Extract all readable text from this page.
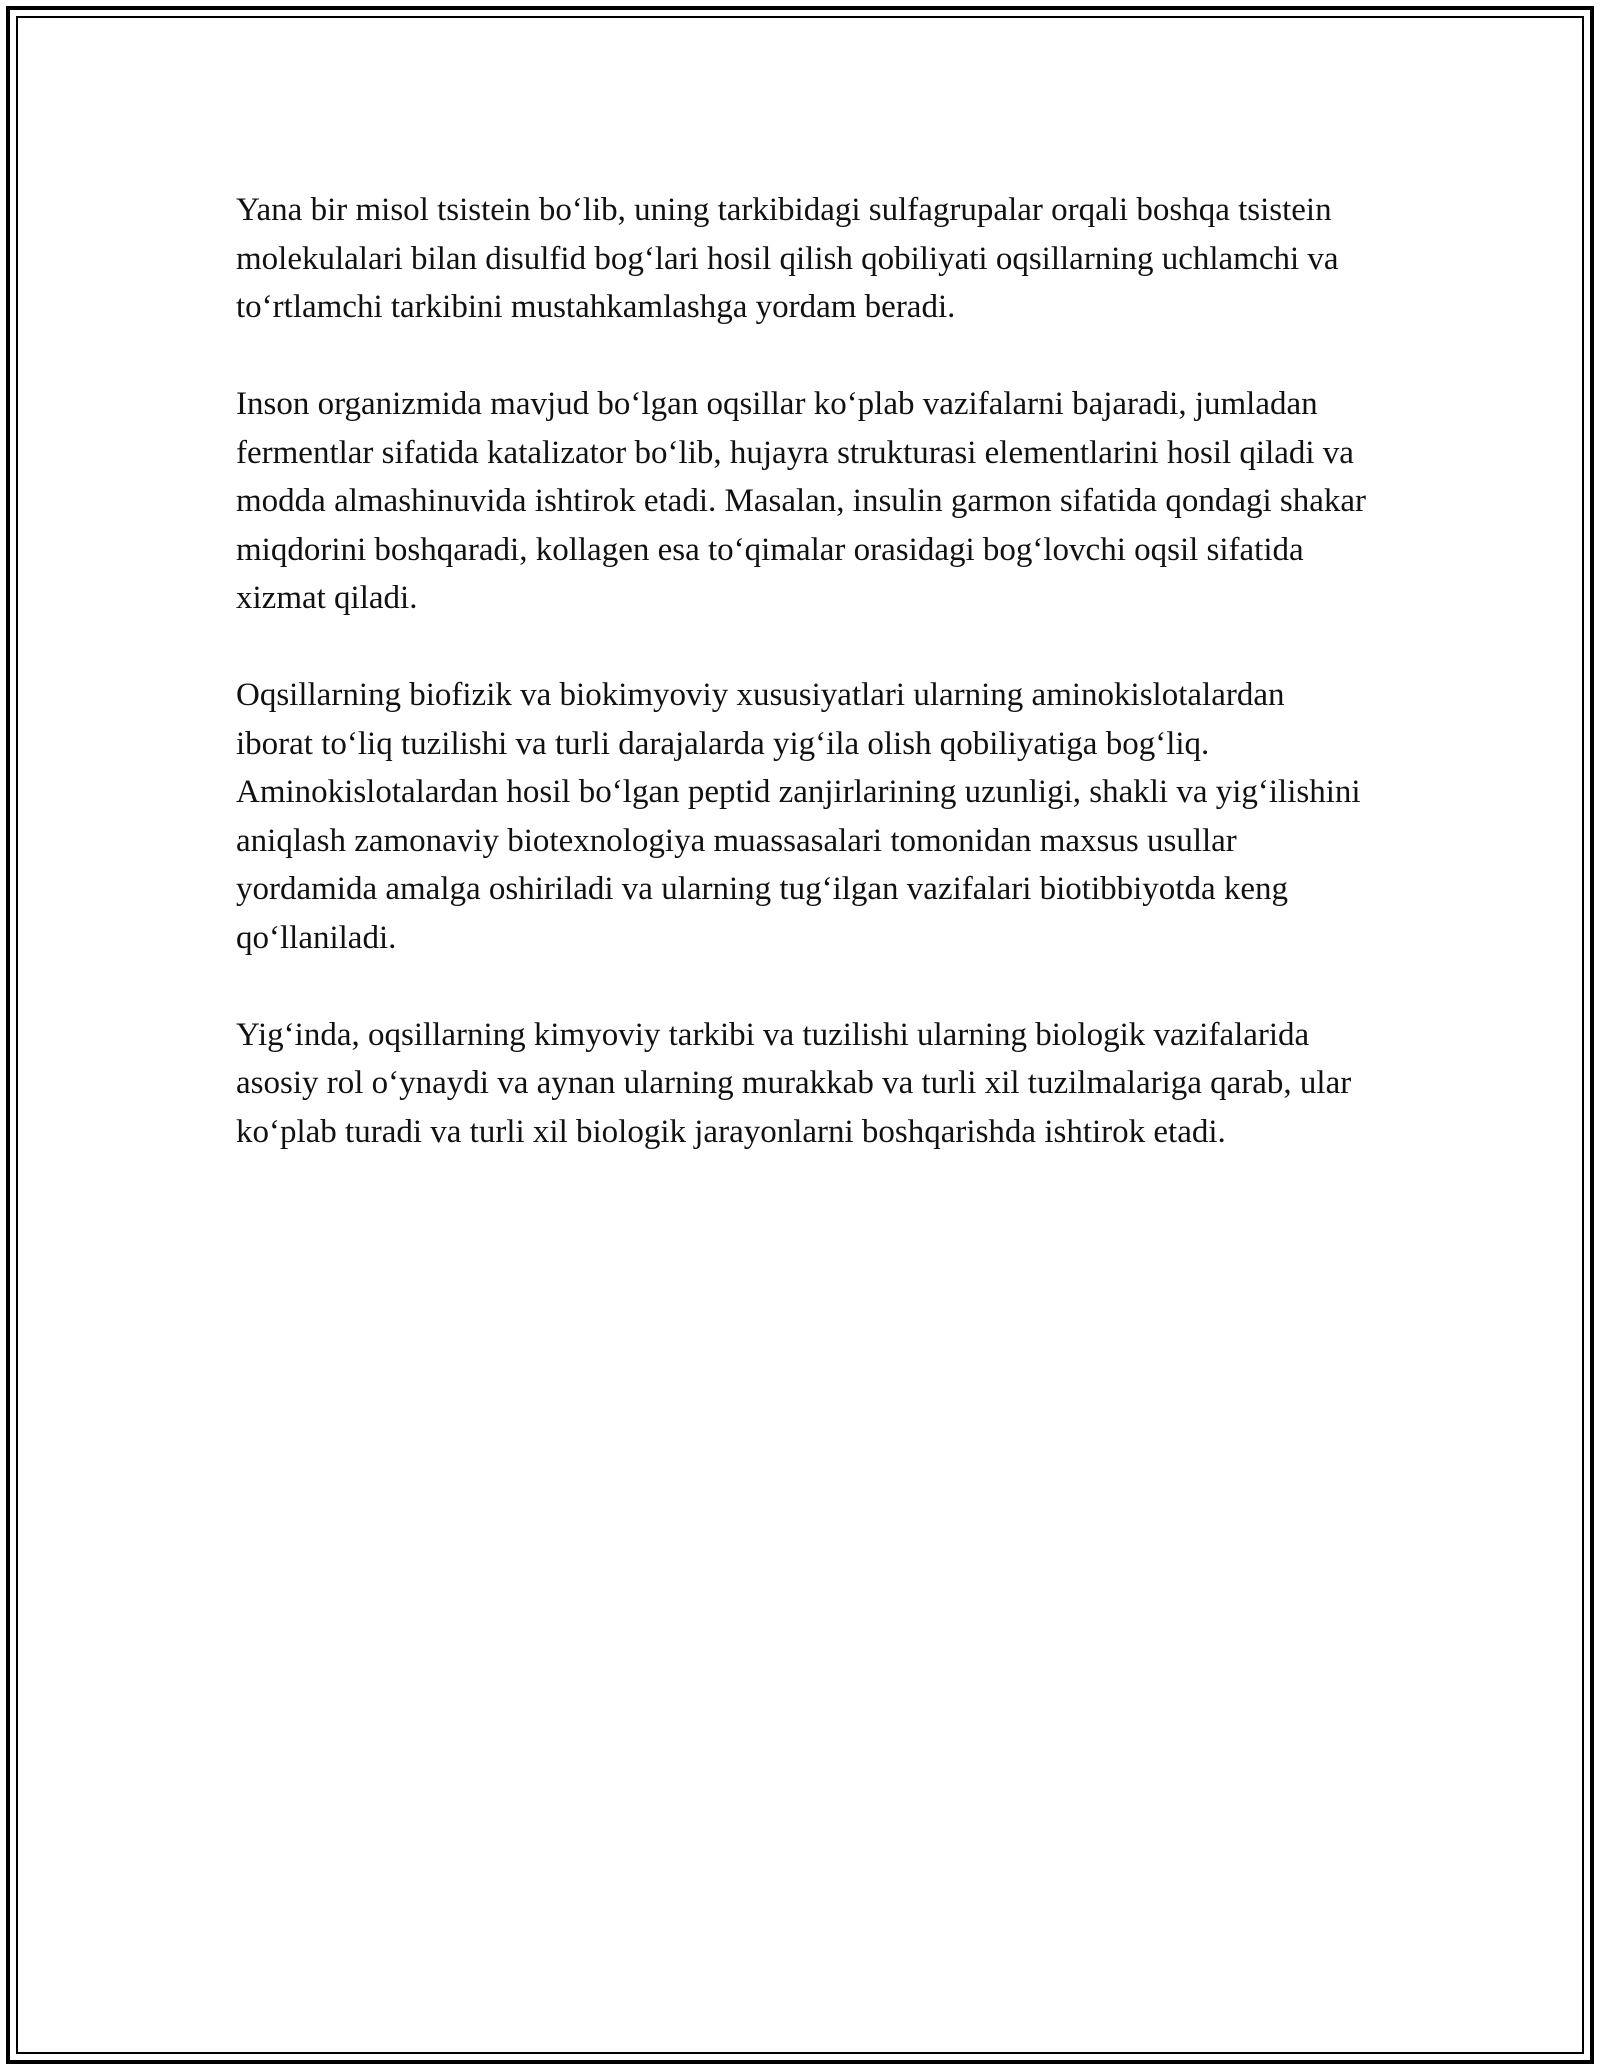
Yana bir misol tsistein bo‘lib, uning tarkibidagi sulfagrupalar orqali boshqa tsistein molekulalari bilan disulfid bog‘lari hosil qilish qobiliyati oqsillarning uchlamchi va to‘rtlamchi tarkibini mustahkamlashga yordam beradi.

Inson organizmida mavjud bo‘lgan oqsillar ko‘plab vazifalarni bajaradi, jumladan fermentlar sifatida katalizator bo‘lib, hujayra strukturasi elementlarini hosil qiladi va modda almashinuvida ishtirok etadi. Masalan, insulin garmon sifatida qondagi shakar miqdorini boshqaradi, kollagen esa to‘qimalar orasidagi bog‘lovchi oqsil sifatida xizmat qiladi.

Oqsillarning biofizik va biokimyoviy xususiyatlari ularning aminokislotalardan iborat to‘liq tuzilishi va turli darajalarda yig‘ila olish qobiliyatiga bog‘liq. Aminokislotalardan hosil bo‘lgan peptid zanjirlarining uzunligi, shakli va yig‘ilishini aniqlash zamonaviy biotexnologiya muassasalari tomonidan maxsus usullar yordamida amalga oshiriladi va ularning tug‘ilgan vazifalari biotibbiyotda keng qo‘llaniladi.

Yig‘inda, oqsillarning kimyoviy tarkibi va tuzilishi ularning biologik vazifalarida asosiy rol o‘ynaydi va aynan ularning murakkab va turli xil tuzilmalariga qarab, ular ko‘plab turadi va turli xil biologik jarayonlarni boshqarishda ishtirok etadi.
